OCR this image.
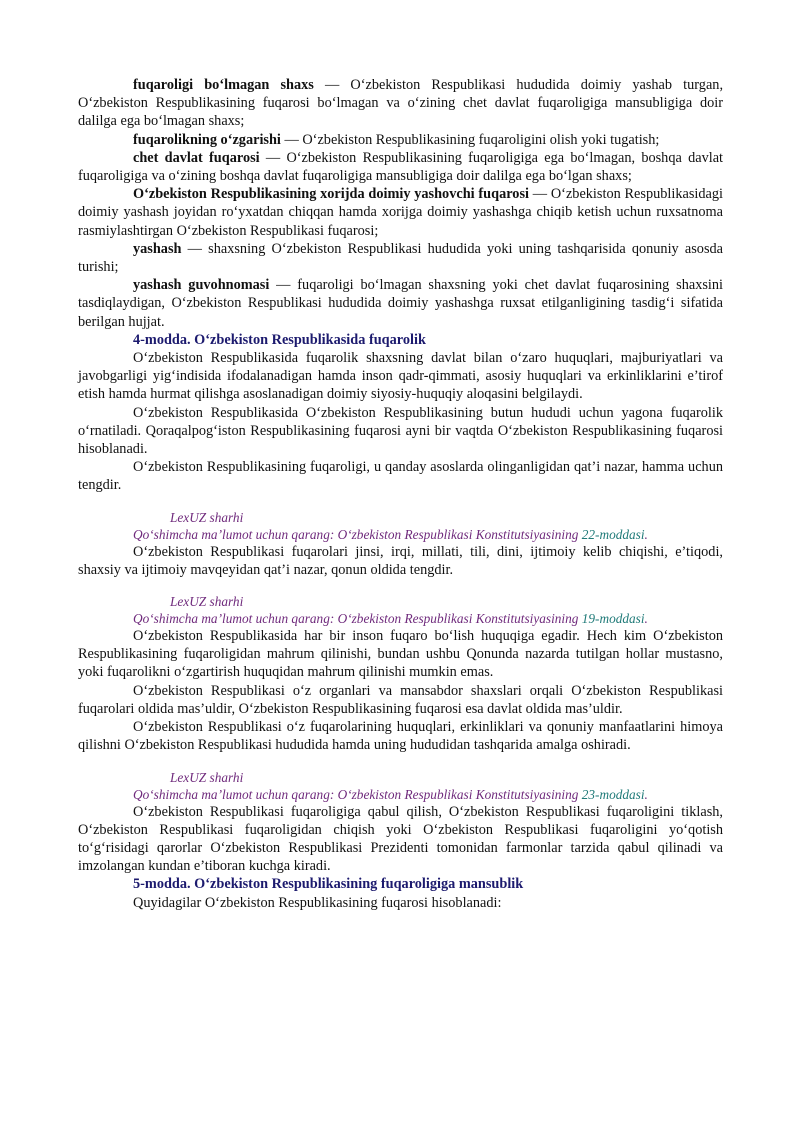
fuqaroligi bo‘lmagan shaxs — O‘zbekiston Respublikasi hududida doimiy yashab turgan, O‘zbekiston Respublikasining fuqarosi bo‘lmagan va o‘zining chet davlat fuqaroligiga mansubligiga doir dalilga ega bo‘lmagan shaxs;

fuqarolikning o‘zgarishi — O‘zbekiston Respublikasining fuqaroligini olish yoki tugatish;

chet davlat fuqarosi — O‘zbekiston Respublikasining fuqaroligiga ega bo‘lmagan, boshqa davlat fuqaroligiga va o‘zining boshqa davlat fuqaroligiga mansubligiga doir dalilga ega bo‘lgan shaxs;

O‘zbekiston Respublikasining xorijda doimiy yashovchi fuqarosi — O‘zbekiston Respublikasidagi doimiy yashash joyidan ro‘yxatdan chiqqan hamda xorijga doimiy yashashga chiqib ketish uchun ruxsatnoma rasmiylashtirgan O‘zbekiston Respublikasi fuqarosi;

yashash — shaxsning O‘zbekiston Respublikasi hududida yoki uning tashqarisida qonuniy asosda turishi;

yashash guvohnomasi — fuqaroligi bo‘lmagan shaxsning yoki chet davlat fuqarosining shaxsini tasdiqlaydigan, O‘zbekiston Respublikasi hududida doimiy yashashga ruxsat etilganligining tasdig‘i sifatida berilgan hujjat.

4-modda. O‘zbekiston Respublikasida fuqarolik

O‘zbekiston Respublikasida fuqarolik shaxsning davlat bilan o‘zaro huquqlari, majburiyatlari va javobgarligi yig‘indisida ifodalanadigan hamda inson qadr-qimmati, asosiy huquqlari va erkinliklarini e’tirof etish hamda hurmat qilishga asoslanadigan doimiy siyosiy-huquqiy aloqasini belgilaydi.

O‘zbekiston Respublikasida O‘zbekiston Respublikasining butun hududi uchun yagona fuqarolik o‘rnatiladi. Qoraqalpog‘iston Respublikasining fuqarosi ayni bir vaqtda O‘zbekiston Respublikasining fuqarosi hisoblanadi.

O‘zbekiston Respublikasining fuqaroligi, u qanday asoslarda olinganligidan qat’i nazar, hamma uchun tengdir.

LexUZ sharhi

Qo‘shimcha ma’lumot uchun qarang: O‘zbekiston Respublikasi Konstitutsiyasining 22-moddasi.

O‘zbekiston Respublikasi fuqarolari jinsi, irqi, millati, tili, dini, ijtimoiy kelib chiqishi, e’tiqodi, shaxsiy va ijtimoiy mavqeyidan qat’i nazar, qonun oldida tengdir.

LexUZ sharhi

Qo‘shimcha ma’lumot uchun qarang: O‘zbekiston Respublikasi Konstitutsiyasining 19-moddasi.

O‘zbekiston Respublikasida har bir inson fuqaro bo‘lish huquqiga egadir. Hech kim O‘zbekiston Respublikasining fuqaroligidan mahrum qilinishi, bundan ushbu Qonunda nazarda tutilgan hollar mustasno, yoki fuqarolikni o‘zgartirish huquqidan mahrum qilinishi mumkin emas.

O‘zbekiston Respublikasi o‘z organlari va mansabdor shaxslari orqali O‘zbekiston Respublikasi fuqarolari oldida mas’uldir, O‘zbekiston Respublikasining fuqarosi esa davlat oldida mas’uldir.

O‘zbekiston Respublikasi o‘z fuqarolarining huquqlari, erkinliklari va qonuniy manfaatlarini himoya qilishni O‘zbekiston Respublikasi hududida hamda uning hududidan tashqarida amalga oshiradi.

LexUZ sharhi

Qo‘shimcha ma’lumot uchun qarang: O‘zbekiston Respublikasi Konstitutsiyasining 23-moddasi.

O‘zbekiston Respublikasi fuqaroligiga qabul qilish, O‘zbekiston Respublikasi fuqaroligini tiklash, O‘zbekiston Respublikasi fuqaroligidan chiqish yoki O‘zbekiston Respublikasi fuqaroligini yo‘qotish to‘g‘risidagi qarorlar O‘zbekiston Respublikasi Prezidenti tomonidan farmonlar tarzida qabul qilinadi va imzolangan kundan e’tiboran kuchga kiradi.

5-modda. O‘zbekiston Respublikasining fuqaroligiga mansublik

Quyidagilar O‘zbekiston Respublikasining fuqarosi hisoblanadi:
